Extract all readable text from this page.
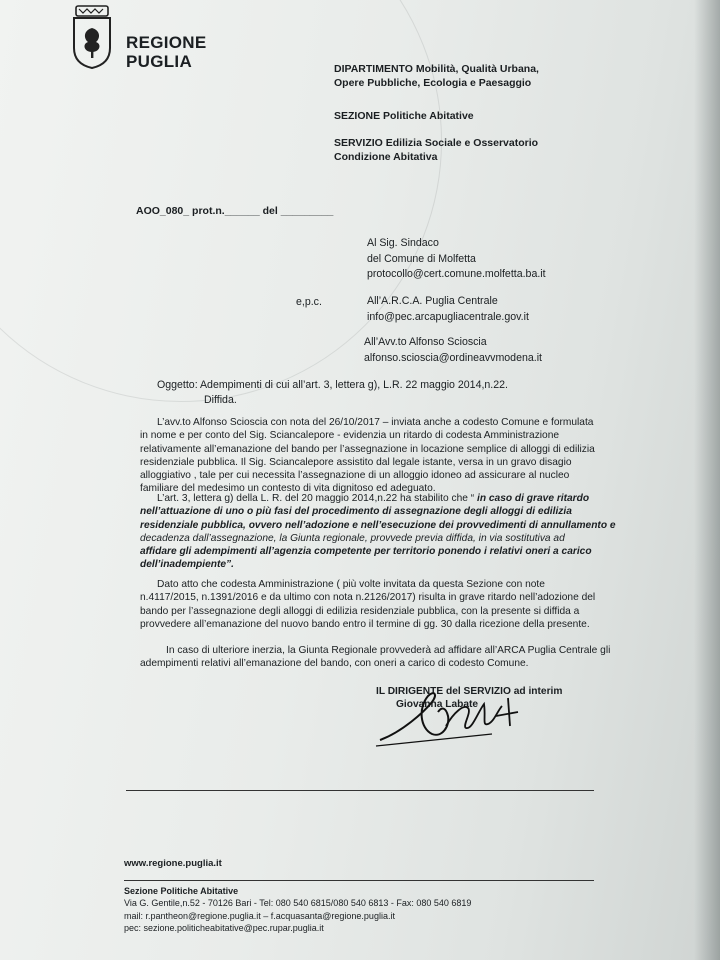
REGIONE
PUGLIA	DIPARTIMENTO Mobilità, Qualità Urbana,
Opere Pubbliche, Ecologia e Paesaggio
SEZIONE Politiche Abitative
SERVIZIO Edilizia Sociale e Osservatorio
Condizione Abitativa
AOO_080_ prot.n.______ del _________
Al Sig. Sindaco
del Comune di Molfetta
protocollo@cert.comune.molfetta.ba.it
e,p.c.	All’A.R.C.A. Puglia Centrale
info@pec.arcapugliacentrale.gov.it
All’Avv.to Alfonso Scioscia
alfonso.scioscia@ordineavvmodena.it
Oggetto: Adempimenti di cui all’art. 3, lettera g), L.R. 22 maggio 2014,n.22.
Diffida.
L’avv.to Alfonso Scioscia con nota del 26/10/2017 – inviata anche a codesto Comune e formulata
in nome e per conto del Sig. Sciancalepore - evidenzia un ritardo di codesta Amministrazione
relativamente all’emanazione del bando per l’assegnazione in locazione semplice di alloggi di edilizia
residenziale pubblica. Il Sig. Sciancalepore assistito dal legale istante, versa in un gravo disagio
alloggiativo , tale per cui necessita l’assegnazione di un alloggio idoneo ad assicurare al nucleo
familiare del medesimo un contesto di vita dignitoso ed adeguato.
L’art. 3, lettera g) della L. R. del 20 maggio 2014,n.22 ha stabilito che “ in caso di grave ritardo
nell’attuazione di uno o più fasi del procedimento di assegnazione degli alloggi di edilizia
residenziale pubblica, ovvero nell’adozione e nell’esecuzione dei provvedimenti di annullamento e
decadenza dall’assegnazione, la Giunta regionale, provvede previa diffida, in via sostitutiva ad
affidare gli adempimenti all’agenzia competente per territorio ponendo i relativi oneri a carico
dell’inadempiente”.
Dato atto che codesta Amministrazione ( più volte invitata da questa Sezione con note
n.4117/2015, n.1391/2016 e da ultimo con nota n.2126/2017) risulta in grave ritardo nell’adozione del
bando per l’assegnazione degli alloggi di edilizia residenziale pubblica, con la presente si diffida a
provvedere all’emanazione del nuovo bando entro il termine di gg. 30 dalla ricezione della presente.
In caso di ulteriore inerzia, la Giunta Regionale provvederà ad affidare all’ARCA Puglia Centrale gli
adempimenti relativi all’emanazione del bando, con oneri a carico di codesto Comune.
IL DIRIGENTE del SERVIZIO ad interim
Giovanna Labate
www.regione.puglia.it
Sezione Politiche Abitative
Via G. Gentile,n.52 - 70126 Bari - Tel: 080 540 6815/080 540 6813 - Fax: 080 540 6819
mail: r.pantheon@regione.puglia.it – f.acquasanta@regione.puglia.it
pec: sezione.politicheabitative@pec.rupar.puglia.it
